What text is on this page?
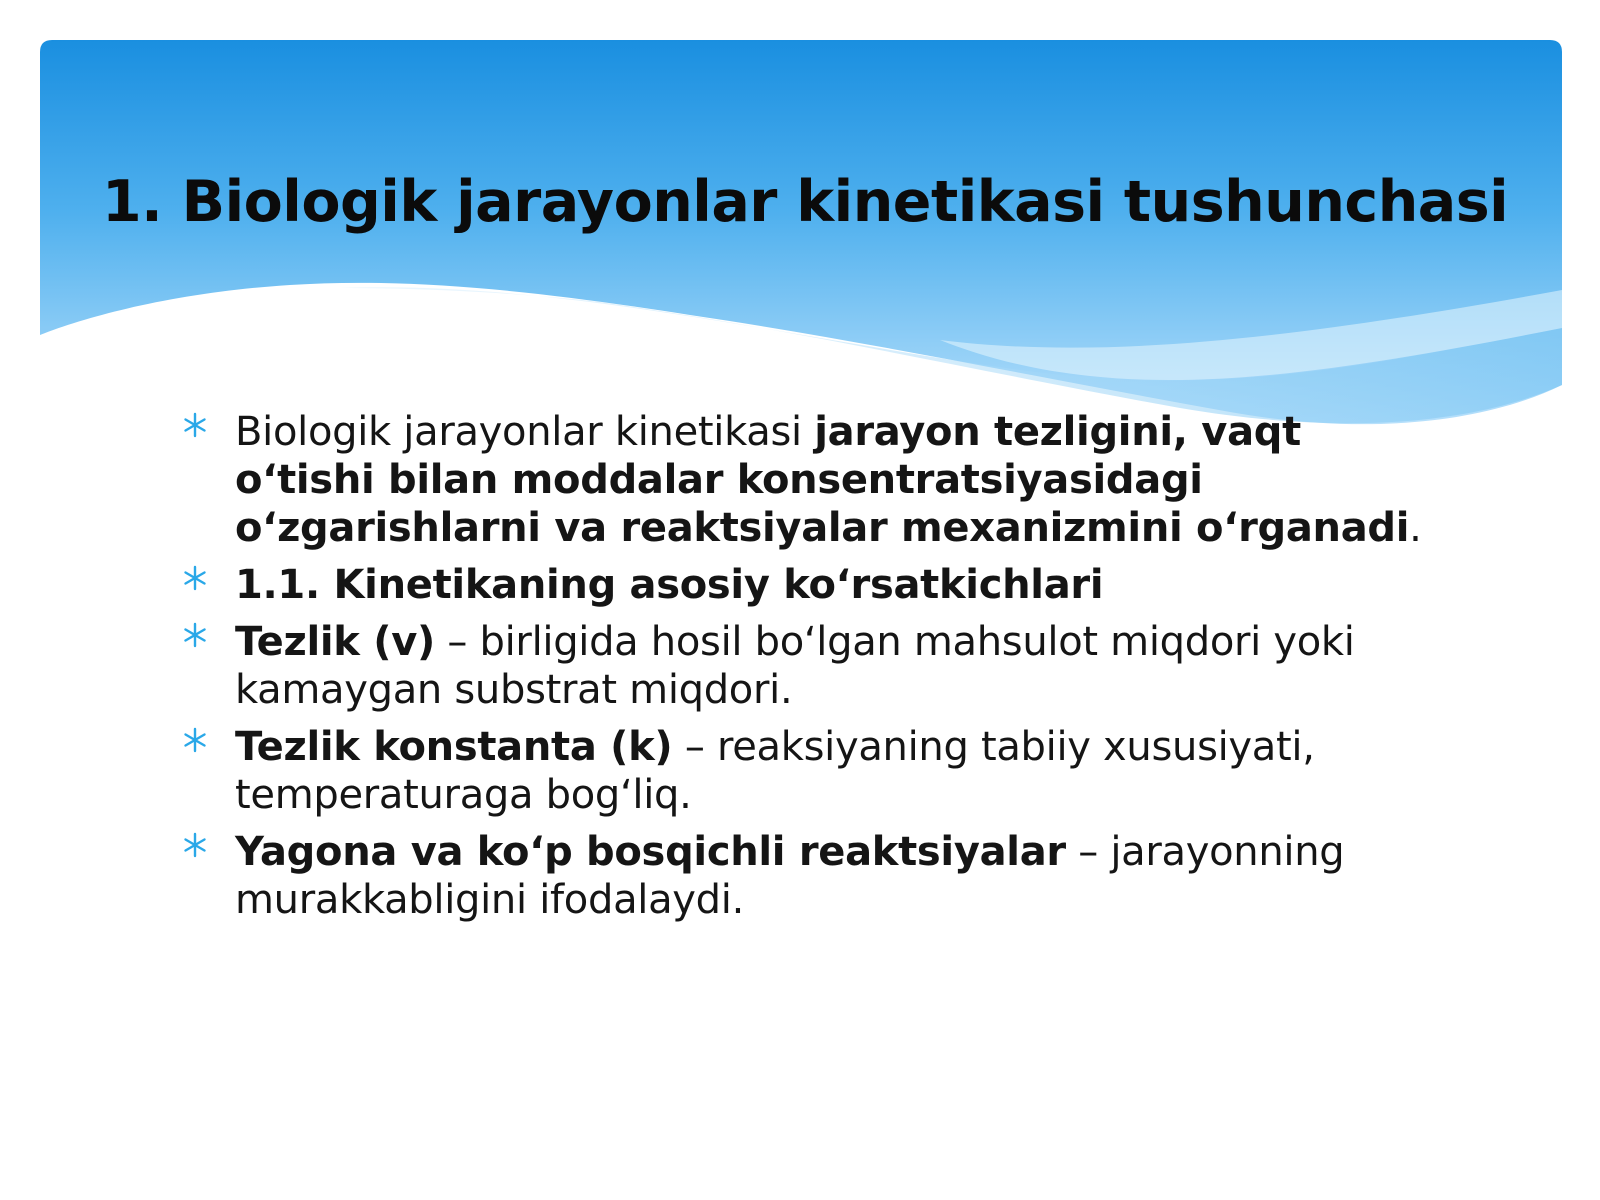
1. Biologik jarayonlar kinetikasi tushunchasi
Biologik jarayonlar kinetikasi jarayon tezligini, vaqt o‘tishi bilan moddalar konsentratsiyasidagi o‘zgarishlarni va reaktsiyalar mexanizmini o‘rganadi.
1.1. Kinetikaning asosiy ko‘rsatkichlari
Tezlik (v) – birligida hosil bo‘lgan mahsulot miqdori yoki kamaygan substrat miqdori.
Tezlik konstanta (k) – reaksiyaning tabiiy xususiyati, temperaturaga bog‘liq.
Yagona va ko‘p bosqichli reaktsiyalar – jarayonning murakkabligini ifodalaydi.
